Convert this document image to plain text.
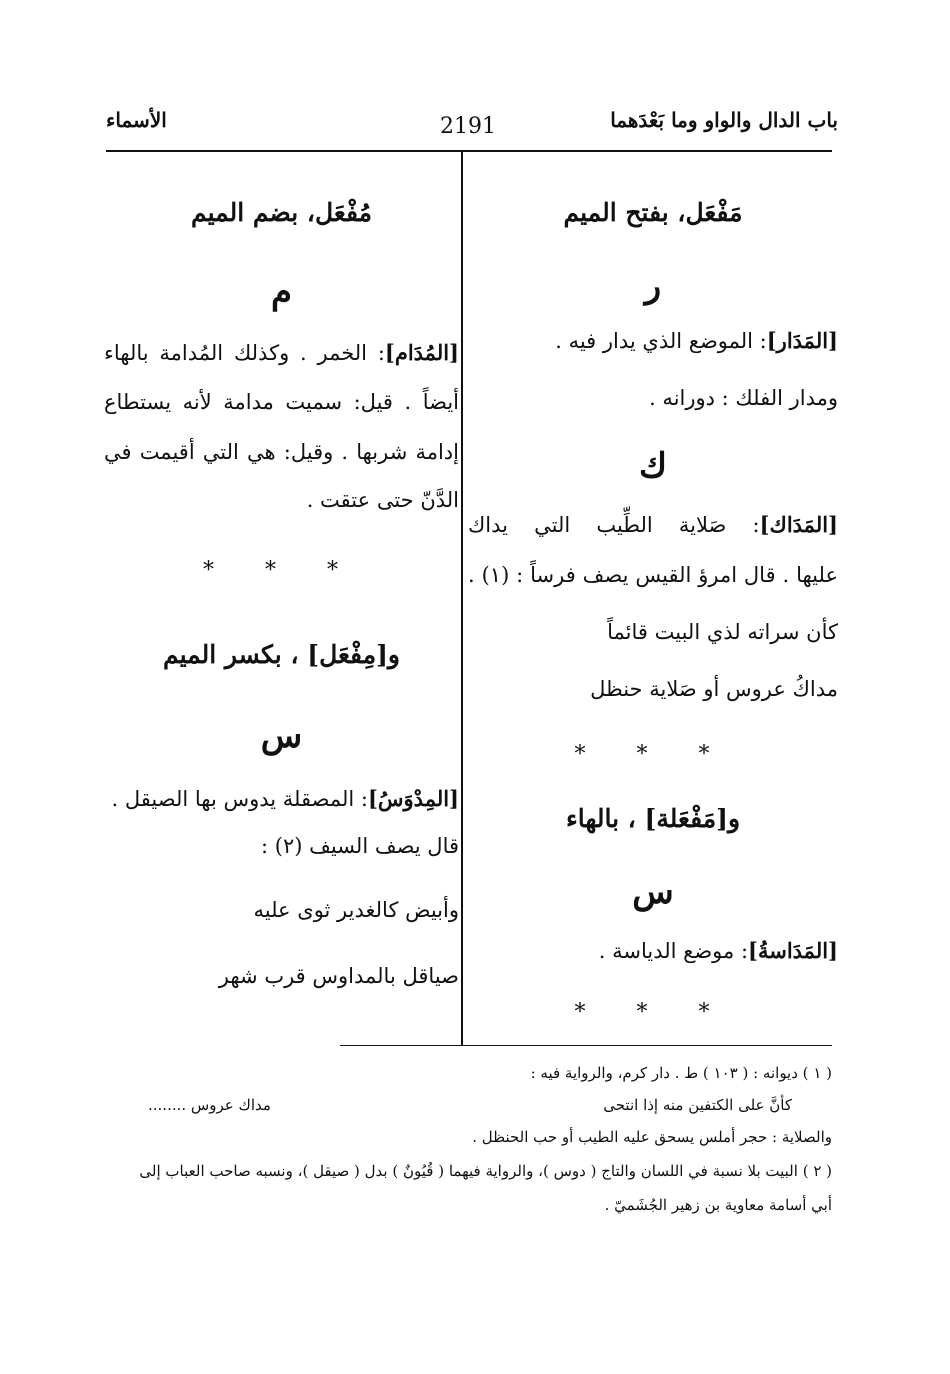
باب الدال والواو وما بَعْدَهما
2191
الأسماء
مَفْعَل، بفتح الميم
ر
[المَدَار]: الموضع الذي يدار فيه .
ومدار الفلك : دورانه .
ك
[المَدَاك]: صَلاية الطِّيب التي يداك
عليها . قال امرؤ القيس يصف فرساً : (١) .
كأن سراته لذي البيت قائماً
مداكُ عروس أو صَلاية حنظل
* * *
و[مَفْعَلة] ، بالهاء
س
[المَدَاسةُ]: موضع الدياسة .
* * *
مُفْعَل، بضم الميم
م
[المُدَام]: الخمر . وكذلك المُدامة بالهاء
أيضاً . قيل: سميت مدامة لأنه يستطاع
إدامة شربها . وقيل: هي التي أقيمت في
الدَّنّ حتى عتقت .
* * *
و[مِفْعَل] ، بكسر الميم
س
[المِدْوَسُ]: المصقلة يدوس بها الصيقل .
قال يصف السيف (٢) :
وأبيض كالغدير ثوى عليه
صياقل بالمداوس قرب شهر
( ١ ) ديوانه : ( ١٠٣ ) ط . دار كرم، والرواية فيه :
كأنَّ على الكتفين منه إذا انتحى
مداك عروس ........
والصلاية : حجر أملس يسحق عليه الطيب أو حب الحنظل .
( ٢ ) البيت بلا نسبة في اللسان والتاج ( دوس )، والرواية فيهما ( قُيُونٌ ) بدل ( صيقل )، ونسبه صاحب العباب إلى
أبي أسامة معاوية بن زهير الجُشَميّ .
